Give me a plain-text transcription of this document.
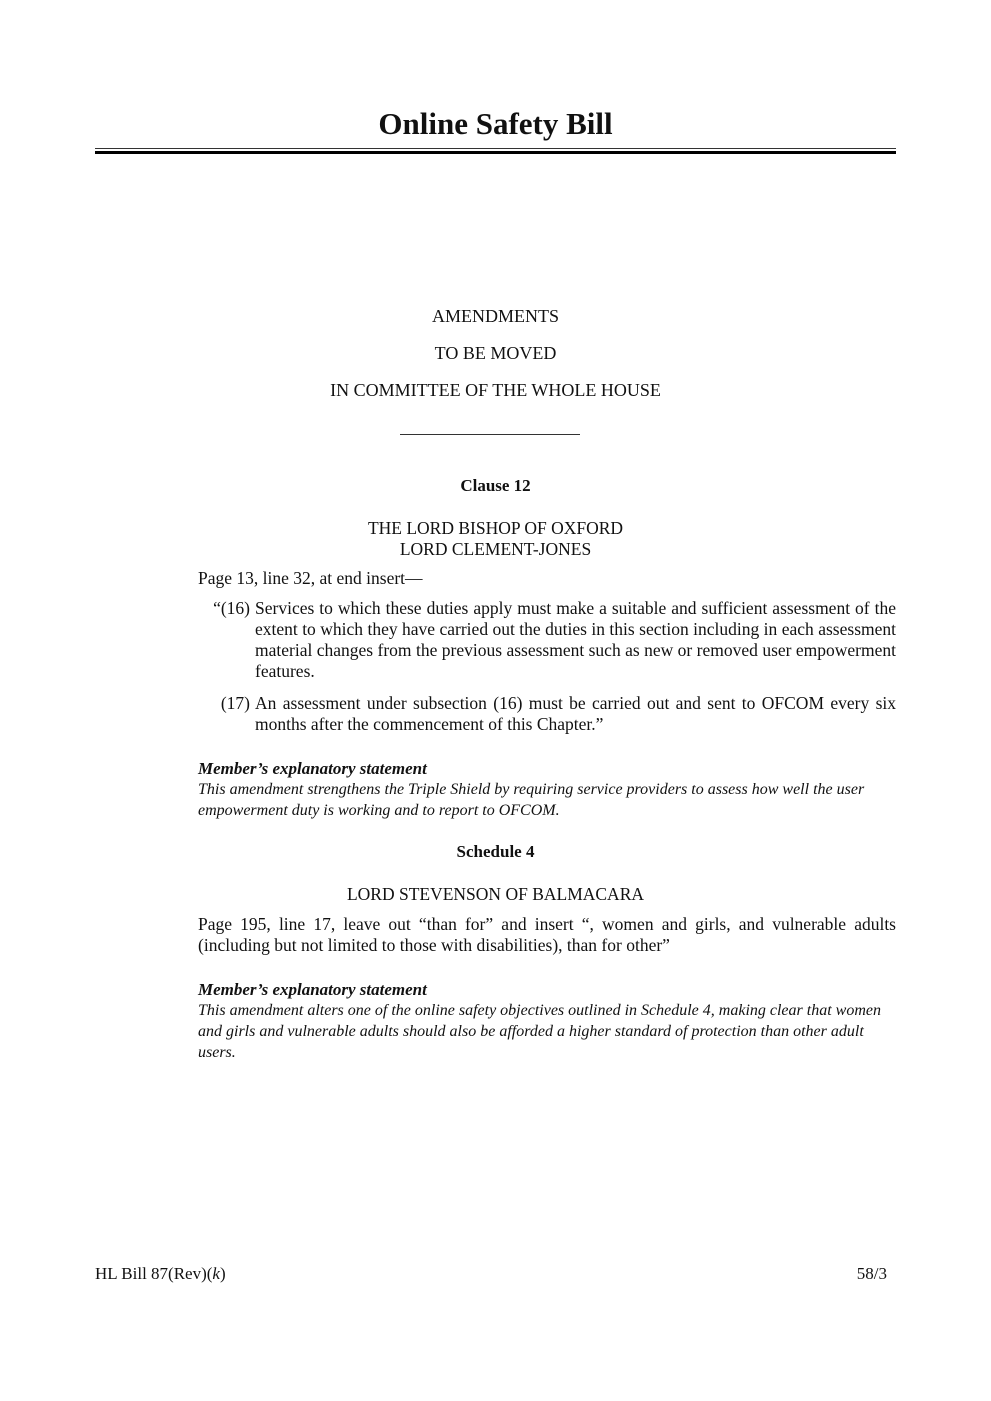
Online Safety Bill
AMENDMENTS
TO BE MOVED
IN COMMITTEE OF THE WHOLE HOUSE
Clause 12
THE LORD BISHOP OF OXFORD
LORD CLEMENT-JONES
Page 13, line 32, at end insert—
“(16) Services to which these duties apply must make a suitable and sufficient assessment of the extent to which they have carried out the duties in this section including in each assessment material changes from the previous assessment such as new or removed user empowerment features.
(17) An assessment under subsection (16) must be carried out and sent to OFCOM every six months after the commencement of this Chapter.”
Member’s explanatory statement
This amendment strengthens the Triple Shield by requiring service providers to assess how well the user empowerment duty is working and to report to OFCOM.
Schedule 4
LORD STEVENSON OF BALMACARA
Page 195, line 17, leave out “than for” and insert “, women and girls, and vulnerable adults (including but not limited to those with disabilities), than for other”
Member’s explanatory statement
This amendment alters one of the online safety objectives outlined in Schedule 4, making clear that women and girls and vulnerable adults should also be afforded a higher standard of protection than other adult users.
HL Bill 87(Rev)(k)	58/3
